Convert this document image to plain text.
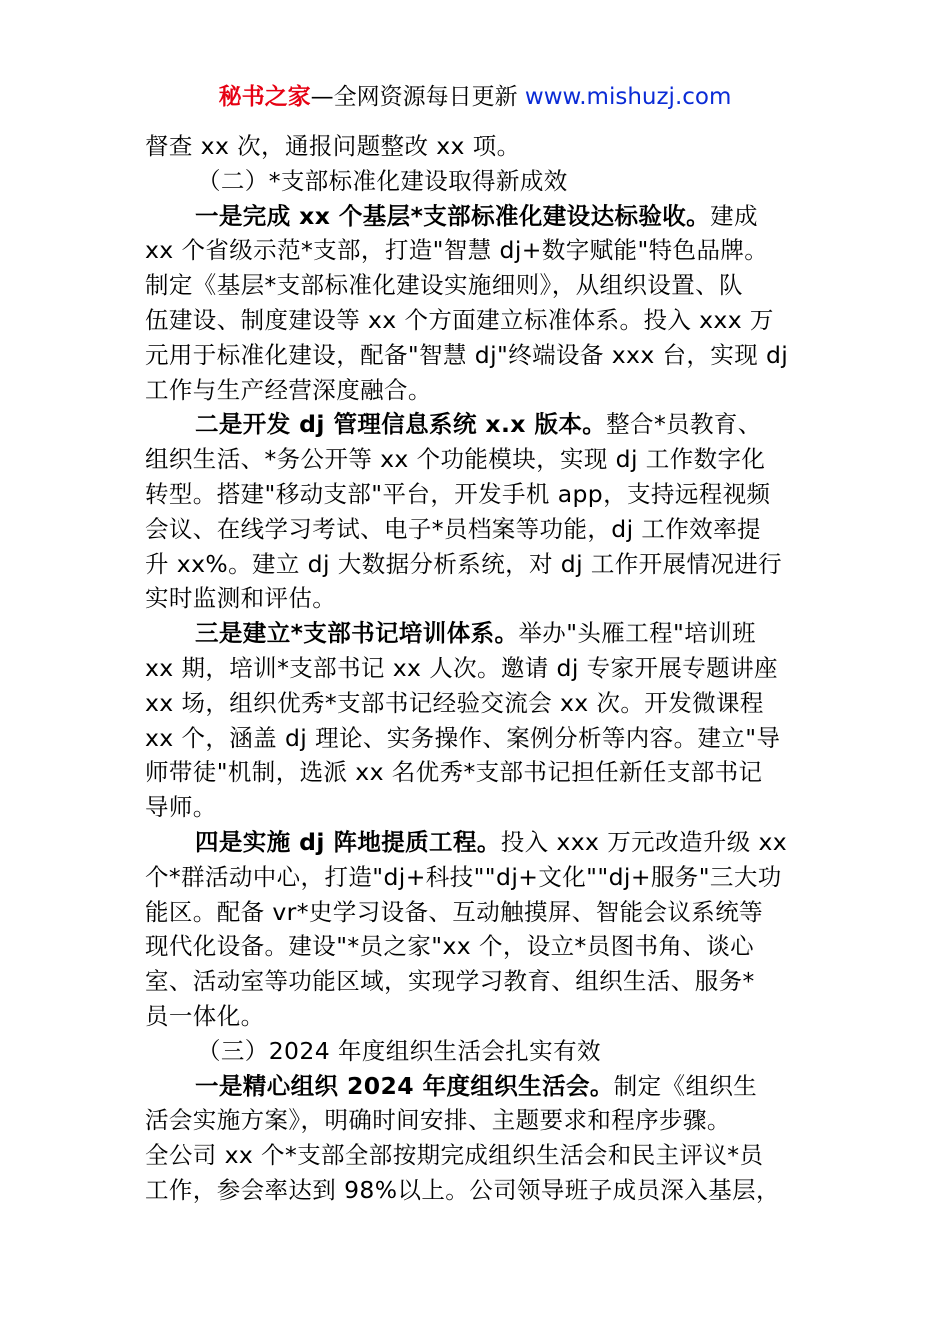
秘书之家—全网资源每日更新 www.mishuzj.com
督查 xx 次，通报问题整改 xx 项。
（二）*支部标准化建设取得新成效
一是完成 xx 个基层*支部标准化建设达标验收。建成
xx 个省级示范*支部，打造"智慧 dj+数字赋能"特色品牌。
制定《基层*支部标准化建设实施细则》，从组织设置、队
伍建设、制度建设等 xx 个方面建立标准体系。投入 xxx 万
元用于标准化建设，配备"智慧 dj"终端设备 xxx 台，实现 dj
工作与生产经营深度融合。
二是开发 dj 管理信息系统 x.x 版本。整合*员教育、
组织生活、*务公开等 xx 个功能模块，实现 dj 工作数字化
转型。搭建"移动支部"平台，开发手机 app，支持远程视频
会议、在线学习考试、电子*员档案等功能，dj 工作效率提
升 xx%。建立 dj 大数据分析系统，对 dj 工作开展情况进行
实时监测和评估。
三是建立*支部书记培训体系。举办"头雁工程"培训班
xx 期，培训*支部书记 xx 人次。邀请 dj 专家开展专题讲座
xx 场，组织优秀*支部书记经验交流会 xx 次。开发微课程
xx 个，涵盖 dj 理论、实务操作、案例分析等内容。建立"导
师带徒"机制，选派 xx 名优秀*支部书记担任新任支部书记
导师。
四是实施 dj 阵地提质工程。投入 xxx 万元改造升级 xx
个*群活动中心，打造"dj+科技""dj+文化""dj+服务"三大功
能区。配备 vr*史学习设备、互动触摸屏、智能会议系统等
现代化设备。建设"*员之家"xx 个，设立*员图书角、谈心
室、活动室等功能区域，实现学习教育、组织生活、服务*
员一体化。
（三）2024 年度组织生活会扎实有效
一是精心组织 2024 年度组织生活会。制定《组织生
活会实施方案》，明确时间安排、主题要求和程序步骤。
全公司 xx 个*支部全部按期完成组织生活会和民主评议*员
工作，参会率达到 98%以上。公司领导班子成员深入基层，
